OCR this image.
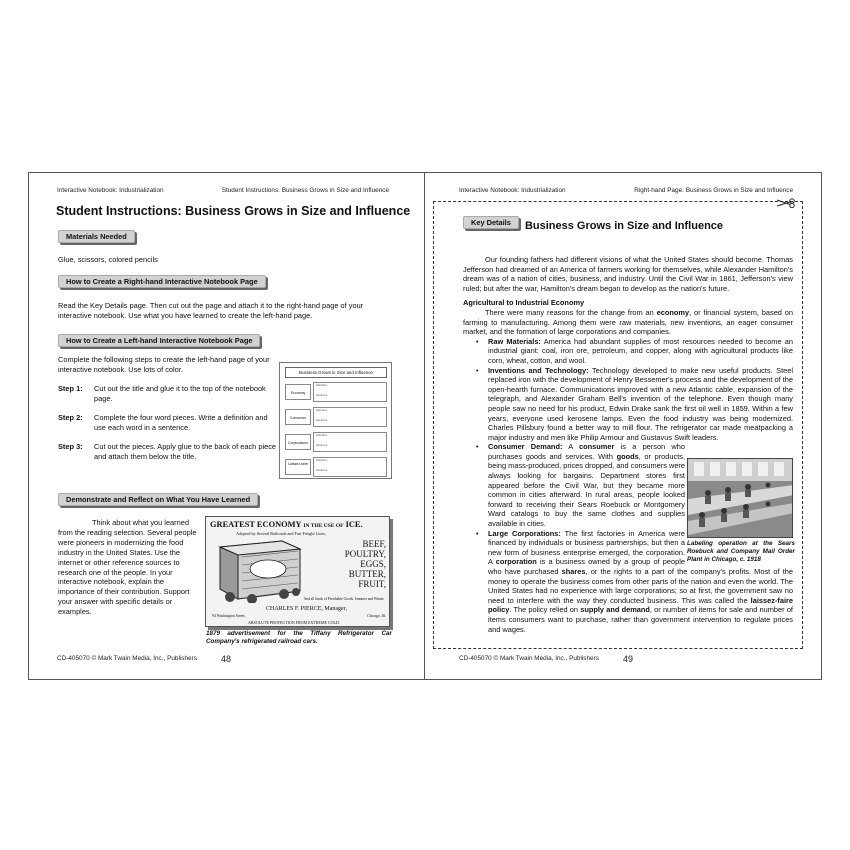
Interactive Notebook: Industrialization	Student Instructions: Business Grows in Size and Influence
Student Instructions: Business Grows in Size and Influence
Materials Needed
Glue, scissors, colored pencils
How to Create a Right-hand Interactive Notebook Page
Read the Key Details page. Then cut out the page and attach it to the right-hand page of your interactive notebook. Use what you have learned to create the left-hand page.
How to Create a Left-hand Interactive Notebook Page
Complete the following steps to create the left-hand page of your interactive notebook. Use lots of color.
Step 1:	Cut out the title and glue it to the top of the notebook page.
Step 2:	Complete the four word pieces. Write a definition and use each word in a sentence.
Step 3:	Cut out the pieces. Apply glue to the back of each piece and attach them below the title.
Business Grows in Size and Influence
Economy
Definition
Sentence
Consumer
Definition
Sentence
Corporations
Definition
Sentence
Laissez-faire
Definition
Sentence
Demonstrate and Reflect on What You Have Learned
Think about what you learned from the reading selection. Several people were pioneers in modernizing the food industry in the United States. Use the internet or other reference sources to research one of the people. In your interactive notebook, explain the importance of their contribution. Support your answer with specific details or examples.
GREATEST ECONOMY IN THE USE OF ICE.
Adopted by Several Railroads and Fast Freight Lines,
BEEF,
POULTRY,
EGGS,
BUTTER,
FRUIT,
And all kinds of Perishable Goods, Summer and Winter.
CHARLES F. PIERCE, Manager,
94 Washington Street,	Chicago, Ill.
ABSOLUTE PROTECTION FROM EXTREME COLD.
1879 advertisement for the Tiffany Refrigerator Car Company's refrigerated railroad cars.
CD-405070 © Mark Twain Media, Inc., Publishers	48
Interactive Notebook: Industrialization	Right-hand Page: Business Grows in Size and Influence
Key Details	Business Grows in Size and Influence

Our founding fathers had different visions of what the United States should become. Thomas Jefferson had dreamed of an America of farmers working for themselves, while Alexander Hamilton's dream was of a nation of cities, business, and industry. Until the Civil War in 1861, Jefferson's view ruled; but after the war, Hamilton's dream began to develop as the nation's future.

Agricultural to Industrial Economy

There were many reasons for the change from an economy, or financial system, based on farming to manufacturing. Among them were raw materials, new inventions, an eager consumer market, and the formation of large corporations and companies.

• Raw Materials: America had abundant supplies of most resources needed to become an industrial giant: coal, iron ore, petroleum, and copper, along with agricultural products like corn, wheat, cotton, and wool.

• Inventions and Technology: Technology developed to make new useful products. Steel replaced iron with the development of Henry Bessemer's process and the development of the open-hearth furnace. Communications improved with a new Atlantic cable, expansion of the telegraph, and Alexander Graham Bell's invention of the telephone. Even though many people saw no need for his product, Edwin Drake sank the first oil well in 1859. Within a few years, everyone used kerosene lamps. Even the food industry was being modernized. Charles Pillsbury found a better way to mill flour. The refrigerator car made meatpacking a major industry and men like Philip Armour and Gustavus Swift leaders.

• Consumer Demand: A consumer is a person who purchases goods and services. With goods, or products, being mass-produced, prices dropped, and consumers were always looking for bargains. Department stores first appeared before the Civil War, but they became more common in cities afterward. In rural areas, people looked forward to receiving their Sears Roebuck or Montgomery Ward catalogs to buy the same clothes and supplies available in cities.

• Large Corporations: The first factories in America were financed by individuals or business partnerships, but then a new form of business enterprise emerged, the corporation. A corporation is a business owned by a group of people who have purchased shares, or the rights to a part of the company's profits. Most of the money to operate the business comes from other parts of the nation and even the world. The United States had no experience with large corporations; so at first, the government saw no need to interfere with the way they conducted business. This was called the laissez-faire policy. The policy relied on supply and demand, or number of items for sale and number of items consumers want to purchase, rather than government intervention to regulate prices and wages.

Labeling operation at the Sears Roebuck and Company Mail Order Plant in Chicago, c. 1918
CD-405070 © Mark Twain Media, Inc., Publishers	49
